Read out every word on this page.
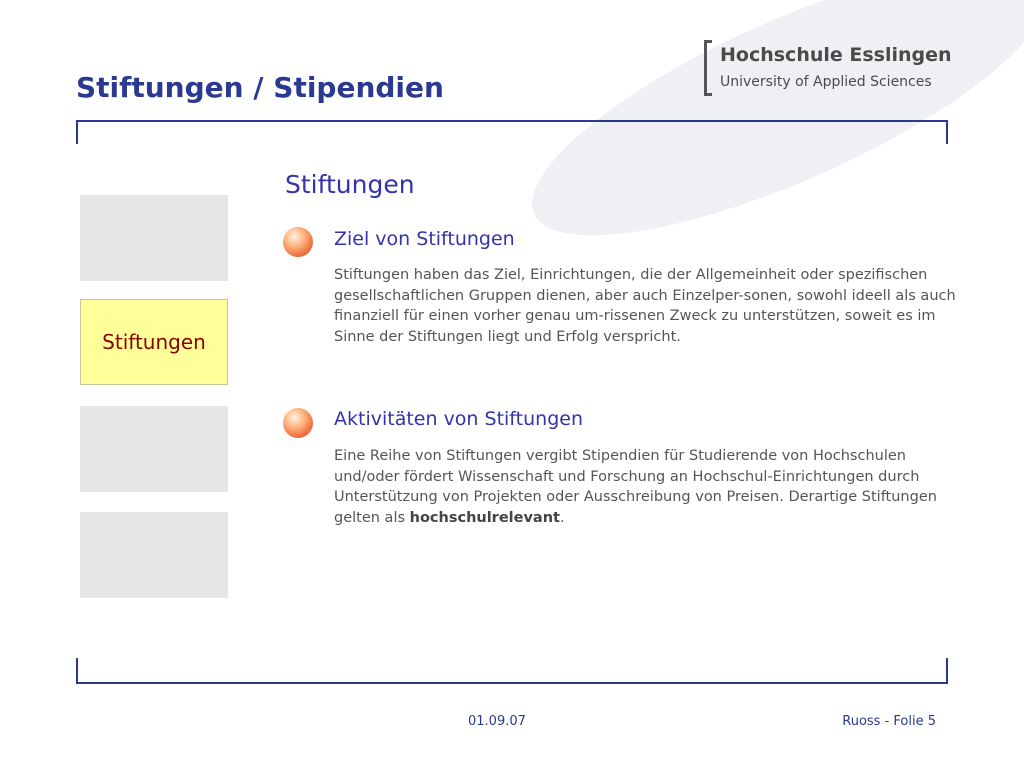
Stiftungen / Stipendien
Hochschule Esslingen
University of Applied Sciences
Stiftungen
Stiftungen
Ziel von Stiftungen

Stiftungen haben das Ziel, Einrichtungen, die der Allgemeinheit oder spezifischen gesellschaftlichen Gruppen dienen, aber auch Einzelper-sonen, sowohl ideell als auch finanziell für einen vorher genau um-rissenen Zweck zu unterstützen, soweit es im Sinne der Stiftungen liegt und Erfolg verspricht.

Aktivitäten von Stiftungen

Eine Reihe von Stiftungen vergibt Stipendien für Studierende von Hochschulen und/oder fördert Wissenschaft und Forschung an Hochschul-Einrichtungen durch Unterstützung von Projekten oder Ausschreibung von Preisen. Derartige Stiftungen gelten als hochschulrelevant.

01.09.07	Ruoss - Folie 5
